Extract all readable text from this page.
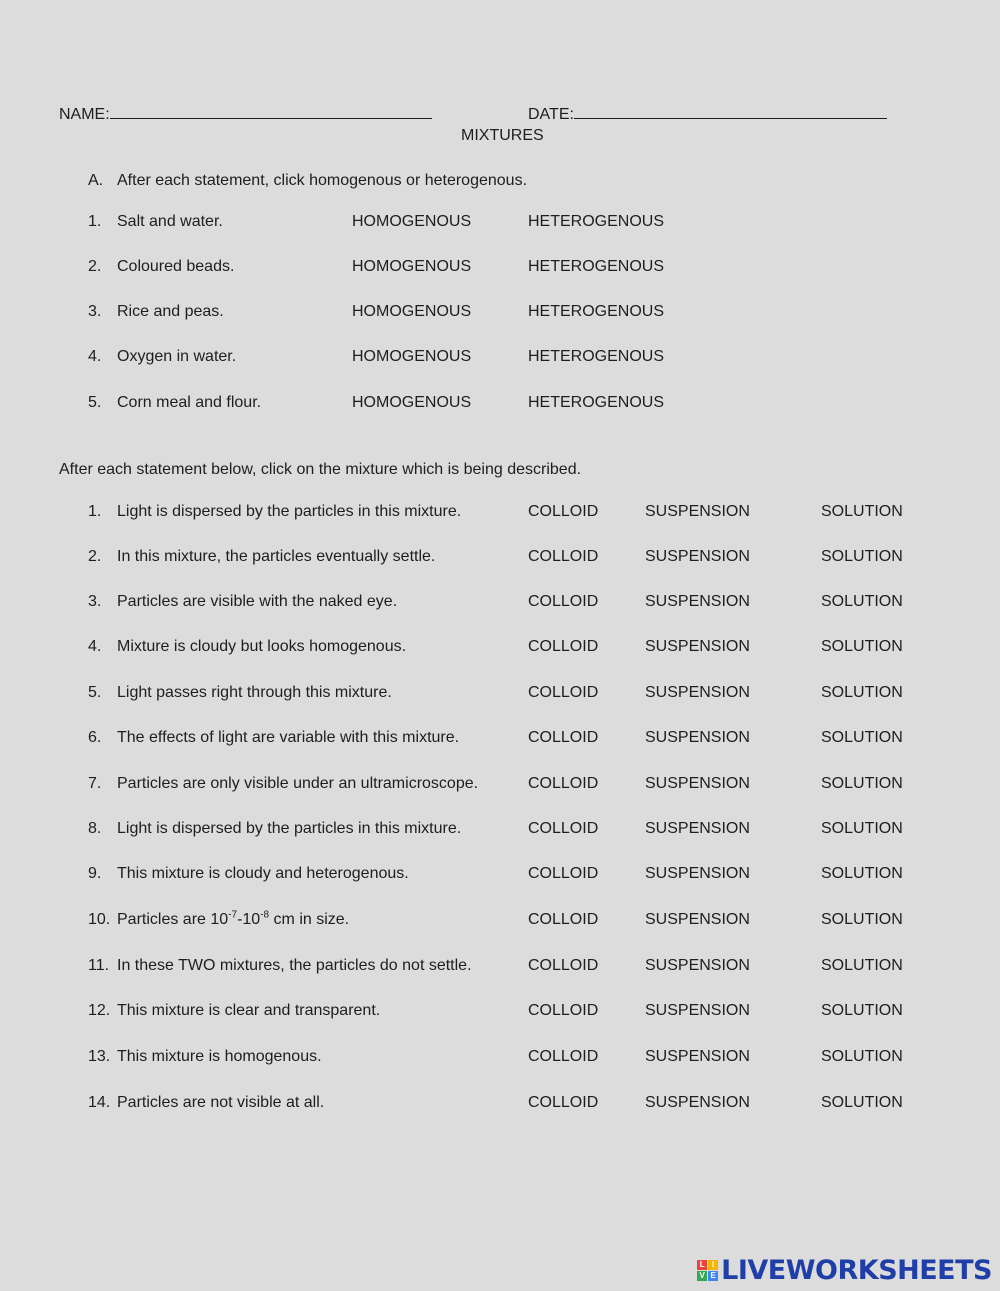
NAME:	DATE:
MIXTURES
A. After each statement, click homogenous or heterogenous.
1. Salt and water.	HOMOGENOUS	HETEROGENOUS
2. Coloured beads.	HOMOGENOUS	HETEROGENOUS
3. Rice and peas.	HOMOGENOUS	HETEROGENOUS
4. Oxygen in water.	HOMOGENOUS	HETEROGENOUS
5. Corn meal and flour.	HOMOGENOUS	HETEROGENOUS
After each statement below, click on the mixture which is being described.
1. Light is dispersed by the particles in this mixture.	COLLOID	SUSPENSION	SOLUTION
2. In this mixture, the particles eventually settle.	COLLOID	SUSPENSION	SOLUTION
3. Particles are visible with the naked eye.	COLLOID	SUSPENSION	SOLUTION
4. Mixture is cloudy but looks homogenous.	COLLOID	SUSPENSION	SOLUTION
5. Light passes right through this mixture.	COLLOID	SUSPENSION	SOLUTION
6. The effects of light are variable with this mixture.	COLLOID	SUSPENSION	SOLUTION
7. Particles are only visible under an ultramicroscope.	COLLOID	SUSPENSION	SOLUTION
8. Light is dispersed by the particles in this mixture.	COLLOID	SUSPENSION	SOLUTION
9. This mixture is cloudy and heterogenous.	COLLOID	SUSPENSION	SOLUTION
10. Particles are $10^{-7}-10^{-8}$ cm in size.	COLLOID	SUSPENSION	SOLUTION
11. In these TWO mixtures, the particles do not settle.	COLLOID	SUSPENSION	SOLUTION
12. This mixture is clear and transparent.	COLLOID	SUSPENSION	SOLUTION
13. This mixture is homogenous.	COLLOID	SUSPENSION	SOLUTION
14. Particles are not visible at all.	COLLOID	SUSPENSION	SOLUTION
L I
V E LIVEWORKSHEETS
